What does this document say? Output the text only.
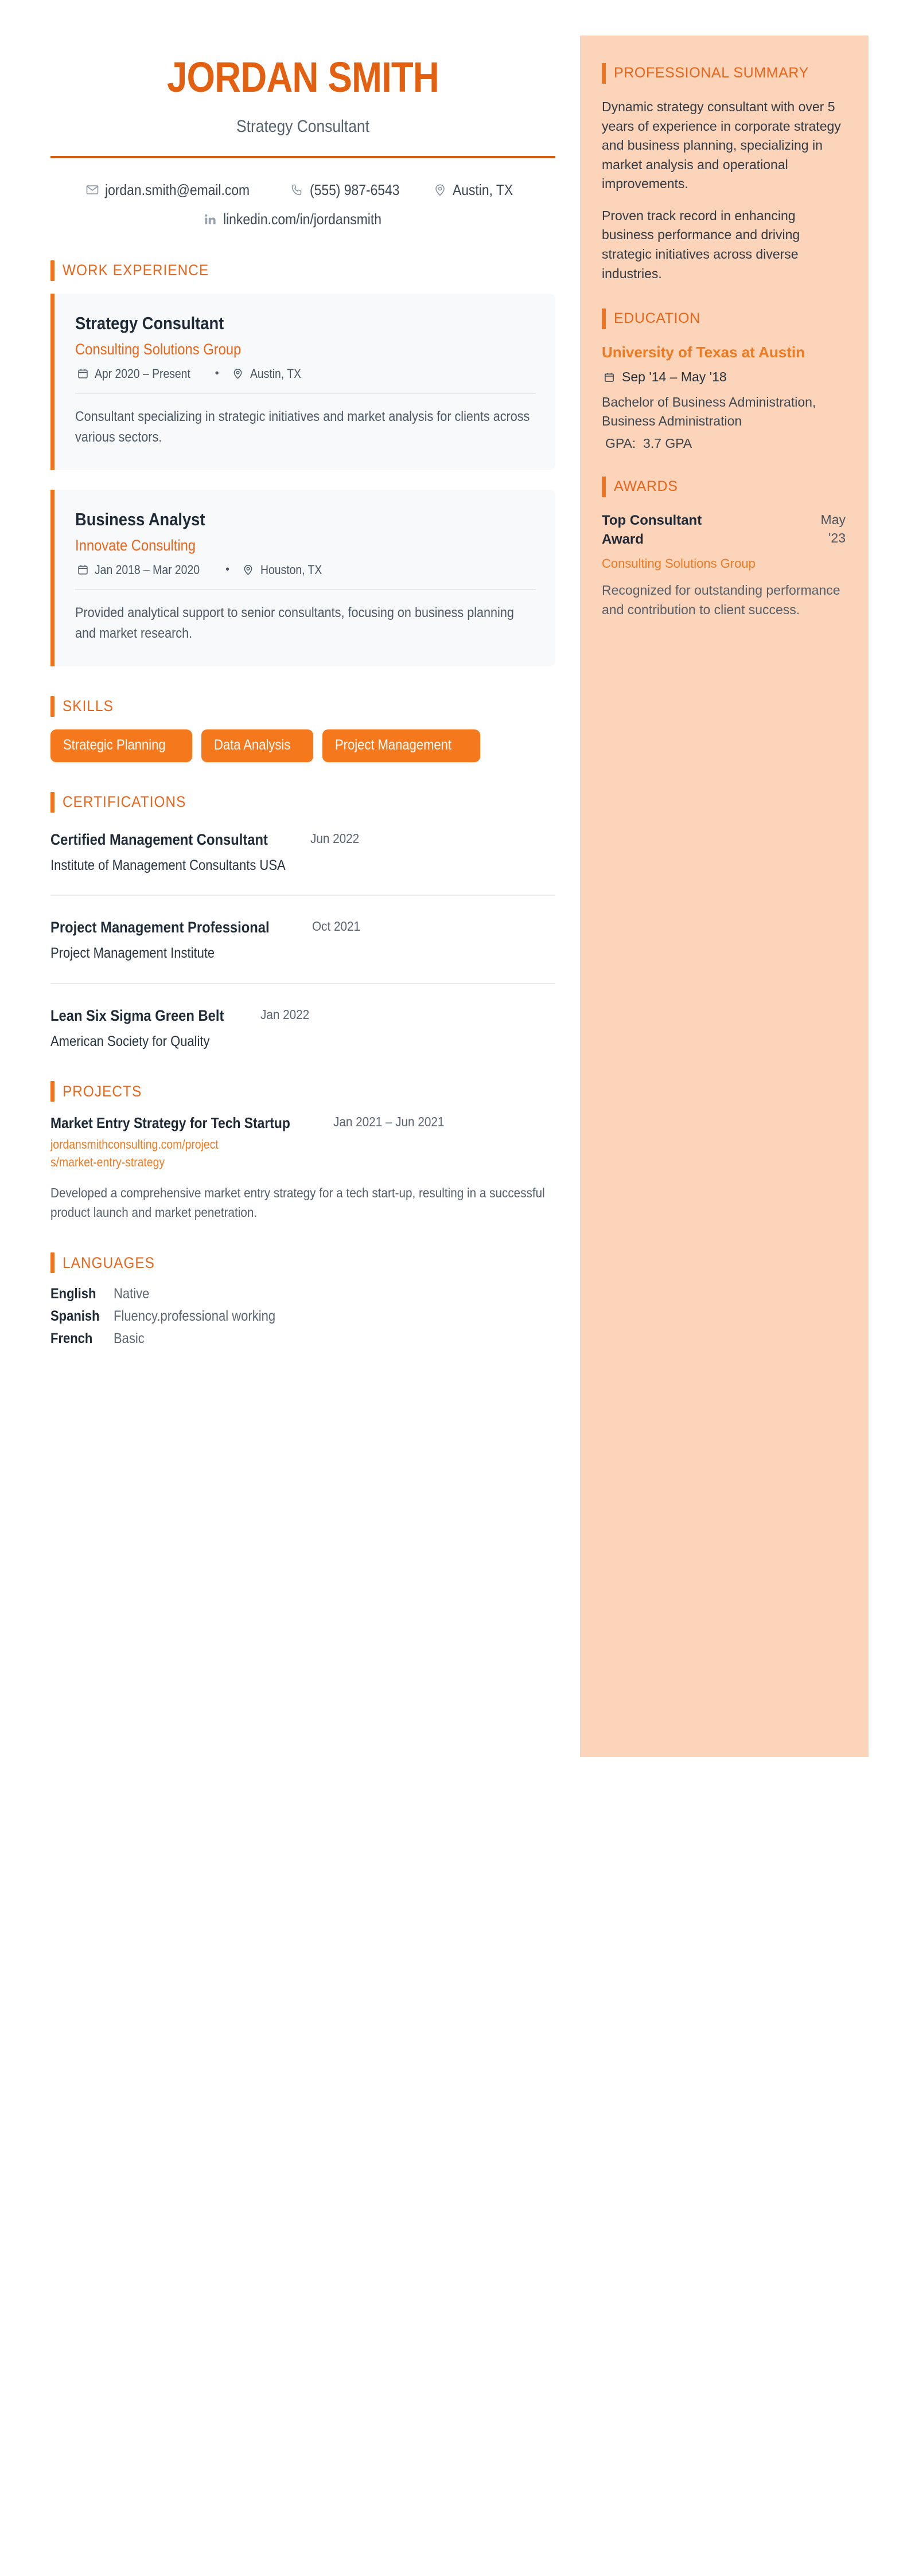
JORDAN SMITH
Strategy Consultant
jordan.smith@email.com	(555) 987-6543	Austin, TX
linkedin.com/in/jordansmith
WORK EXPERIENCE
Strategy Consultant
Consulting Solutions Group
Apr 2020 – Present • Austin, TX
Consultant specializing in strategic initiatives and market analysis for clients across various sectors.
Business Analyst
Innovate Consulting
Jan 2018 – Mar 2020 • Houston, TX
Provided analytical support to senior consultants, focusing on business planning and market research.
SKILLS
Strategic Planning	Data Analysis	Project Management
CERTIFICATIONS
Certified Management Consultant	Jun 2022
Institute of Management Consultants USA
Project Management Professional	Oct 2021
Project Management Institute
Lean Six Sigma Green Belt	Jan 2022
American Society for Quality
PROJECTS
Market Entry Strategy for Tech Startup	Jan 2021 – Jun 2021
jordansmithconsulting.com/projects/market-entry-strategy
Developed a comprehensive market entry strategy for a tech start-up, resulting in a successful product launch and market penetration.
LANGUAGES
English	Native
Spanish Fluency.professional working
French	Basic
PROFESSIONAL SUMMARY
Dynamic strategy consultant with over 5 years of experience in corporate strategy and business planning, specializing in market analysis and operational improvements.
Proven track record in enhancing business performance and driving strategic initiatives across diverse industries.
EDUCATION
University of Texas at Austin
Sep '14 – May '18
Bachelor of Business Administration, Business Administration
GPA: 3.7 GPA
AWARDS
Top Consultant Award
May '23
Consulting Solutions Group
Recognized for outstanding performance and contribution to client success.
